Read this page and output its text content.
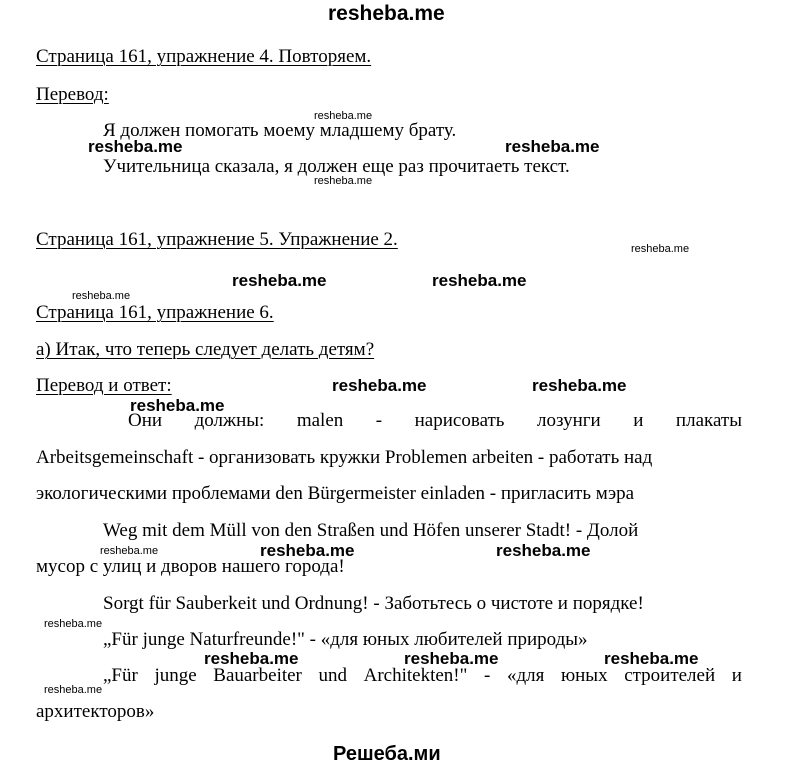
resheba.me
Страница 161, упражнение 4. Повторяем.
Перевод:
Я должен помогать моему младшему брату.
Учительница сказала, я должен еще раз прочитаеть текст.
Страница 161, упражнение 5. Упражнение 2.
Страница 161, упражнение 6.
а) Итак, что теперь следует делать детям?
Перевод и ответ:
Они должны: malen - нарисовать лозунги и плакаты
Arbeitsgemeinschaft - организовать кружки Problemen arbeiten - работать над
экологическими проблемами den Bürgermeister einladen - пригласить мэра
Weg mit dem Müll von den Straßen und Höfen unserer Stadt! - Долой
мусор с улиц и дворов нашего города!
Sorgt für Sauberkeit und Ordnung! - Заботьтесь о чистоте и порядке!
„Für junge Naturfreunde!" - «для юных любителей природы»
„Für junge Bauarbeiter und Architekten!" - «для юных строителей и
архитекторов»
resheba.me
resheba.me
resheba.me
resheba.me
resheba.me
resheba.me
resheba.me
resheba.me	resheba.me
resheba.me	resheba.me
resheba.me	resheba.me
resheba.me
resheba.me	resheba.me
resheba.me	resheba.me	resheba.me
Решеба.ми
